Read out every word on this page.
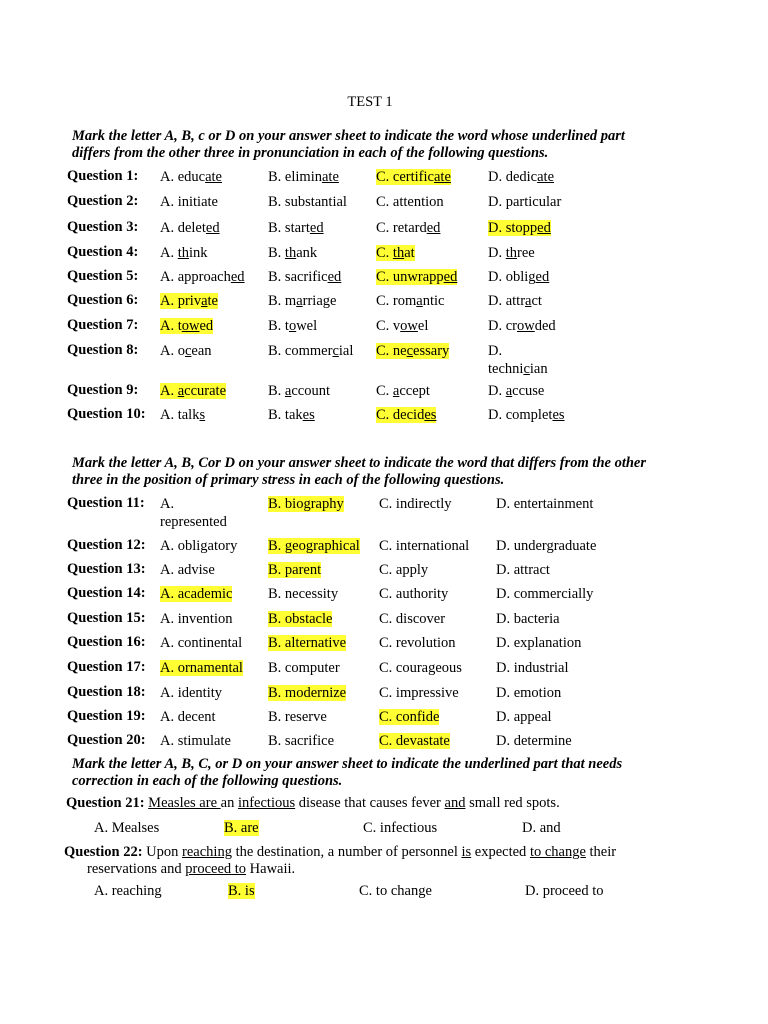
TEST 1
Mark the letter A, B, c or D on your answer sheet to indicate the word whose underlined part differs from the other three in pronunciation in each of the following questions.
Question 1: A. educate	B. eliminate	C. certificate	D. dedicate
Question 2: A. initiate	B. substantial C. attention	D. particular
Question 3: A. deleted	B. started	C. retarded	D. stopped
Question 4: A. think	B. thank	C. that	D. three
Question 5: A. approached B. sacrificed C. unwrapped D. obliged
Question 6: A. private	B. marriage	C. romantic	D. attract
Question 7: A. towed	B. towel	C. vowel	D. crowded
Question 8: A. ocean	B. commercial C. necessary	D. technician
Question 9: A. accurate	B. account	C. accept	D. accuse
Question 10: A. talks	B. takes	C. decides	D. completes
Mark the letter A, B, Cor D on your answer sheet to indicate the word that differs from the other three in the position of primary stress in each of the following questions.
Question 11: A. represented
B. biography C. indirectly	D. entertainment
Question 12: A. obligatory B. geographical C. international D. undergraduate
Question 13: A. advise	B. parent	C. apply	D. attract
Question 14: A. academic B. necessity	C. authority	D. commercially
Question 15: A. invention B. obstacle	C. discover	D. bacteria
Question 16: A. continental B. alternative C. revolution	D. explanation
Question 17: A. ornamental B. computer	C. courageous D. industrial
Question 18: A. identity	B. modernize C. impressive	D. emotion
Question 19: A. decent	B. reserve	C. confide	D. appeal
Question 20: A. stimulate	B. sacrifice	C. devastate	D. determine
Mark the letter A, B, C, or D on your answer sheet to indicate the underlined part that needs correction in each of the following questions.
Question 21: Measles are an infectious disease that causes fever and small red spots.
A. Mealses	B. are	C. infectious	D. and
Question 22: Upon reaching the destination, a number of personnel is expected to change their
reservations and proceed to Hawaii.
A. reaching	B. is	C. to change	D. proceed to
